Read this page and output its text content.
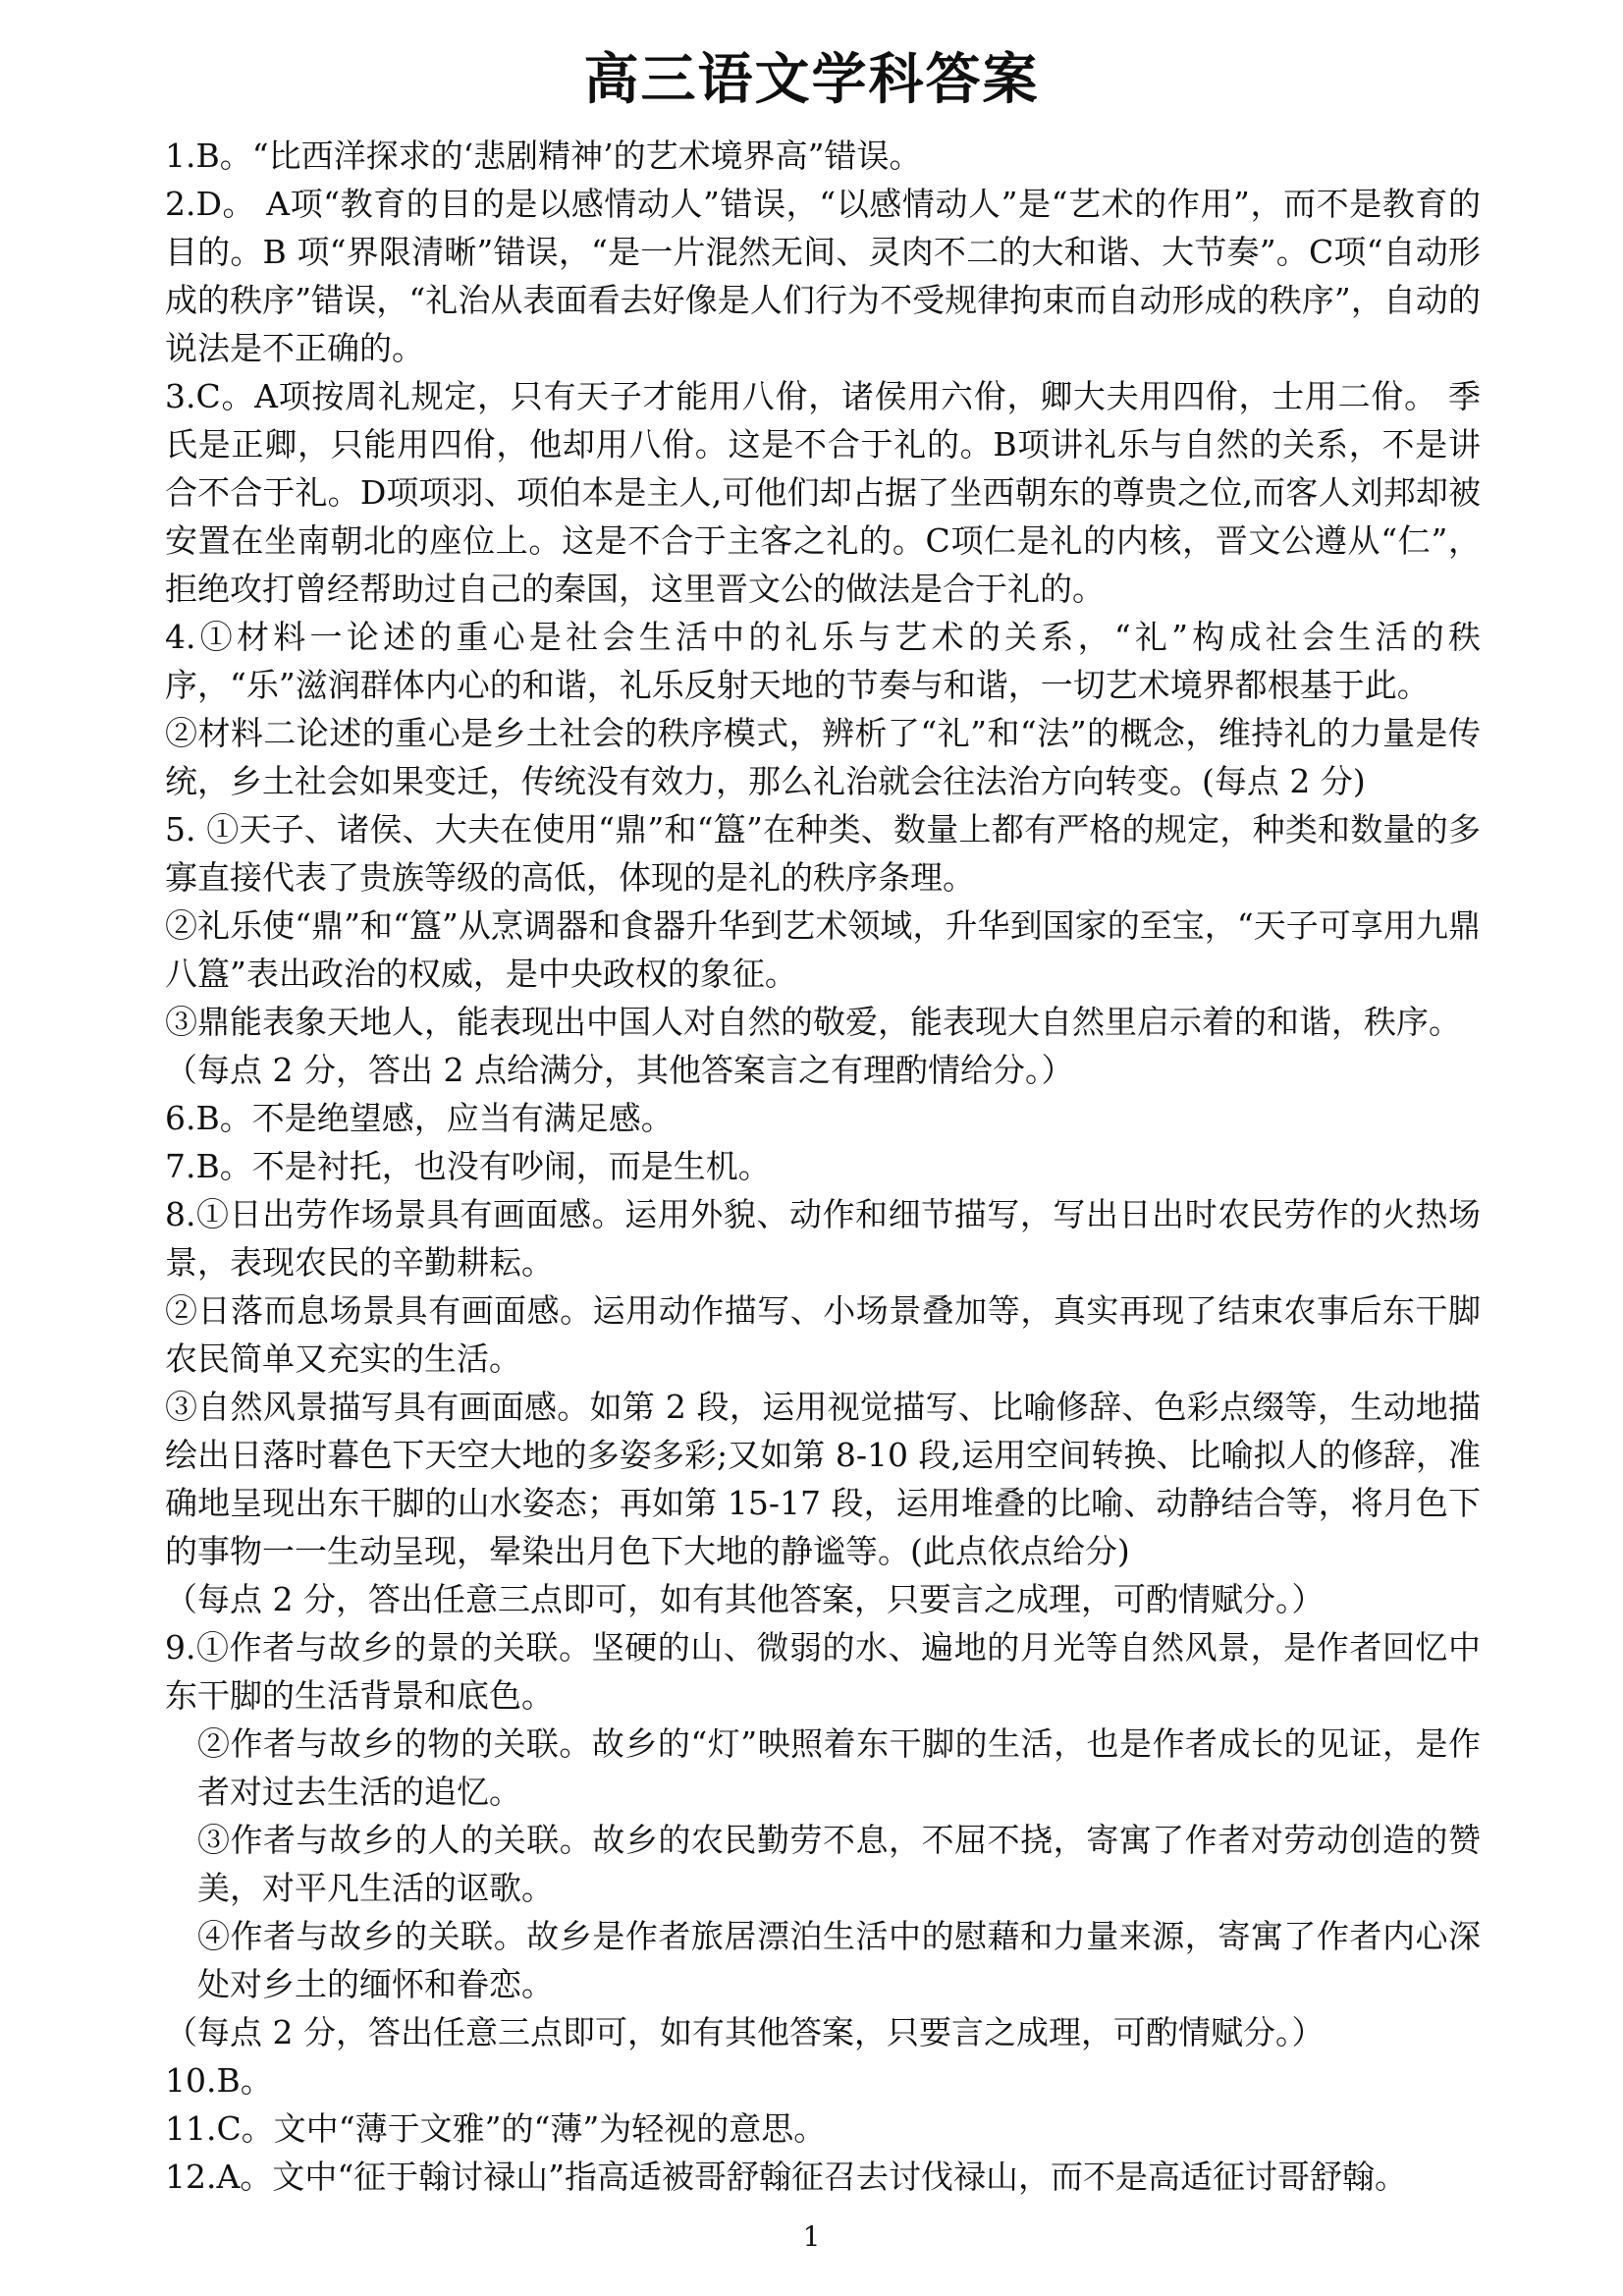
高三语文学科答案

1.B。“比西洋探求的‘悲剧精神’的艺术境界高”错误。

2.D。 A项“教育的目的是以感情动人”错误，“以感情动人”是“艺术的作用”，而不是教育的目的。B 项“界限清晰”错误，“是一片混然无间、灵肉不二的大和谐、大节奏”。C项“自动形成的秩序”错误，“礼治从表面看去好像是人们行为不受规律拘束而自动形成的秩序”，自动的说法是不正确的。

3.C。A项按周礼规定，只有天子才能用八佾，诸侯用六佾，卿大夫用四佾，士用二佾。 季氏是正卿，只能用四佾，他却用八佾。这是不合于礼的。B项讲礼乐与自然的关系，不是讲合不合于礼。D项项羽、项伯本是主人,可他们却占据了坐西朝东的尊贵之位,而客人刘邦却被安置在坐南朝北的座位上。这是不合于主客之礼的。C项仁是礼的内核，晋文公遵从“仁”，拒绝攻打曾经帮助过自己的秦国，这里晋文公的做法是合于礼的。

4.①材料一论述的重心是社会生活中的礼乐与艺术的关系，“礼”构成社会生活的秩序，“乐”滋润群体内心的和谐，礼乐反射天地的节奏与和谐，一切艺术境界都根基于此。

②材料二论述的重心是乡土社会的秩序模式，辨析了“礼”和“法”的概念，维持礼的力量是传统，乡土社会如果变迁，传统没有效力，那么礼治就会往法治方向转变。(每点 2 分)

5. ①天子、诸侯、大夫在使用“鼎”和“簋”在种类、数量上都有严格的规定，种类和数量的多寡直接代表了贵族等级的高低，体现的是礼的秩序条理。

②礼乐使“鼎”和“簋”从烹调器和食器升华到艺术领域，升华到国家的至宝，“天子可享用九鼎八簋”表出政治的权威，是中央政权的象征。

③鼎能表象天地人，能表现出中国人对自然的敬爱，能表现大自然里启示着的和谐，秩序。

（每点 2 分，答出 2 点给满分，其他答案言之有理酌情给分。）

6.B。不是绝望感，应当有满足感。

7.B。不是衬托，也没有吵闹，而是生机。

8.①日出劳作场景具有画面感。运用外貌、动作和细节描写，写出日出时农民劳作的火热场景，表现农民的辛勤耕耘。

②日落而息场景具有画面感。运用动作描写、小场景叠加等，真实再现了结束农事后东干脚农民简单又充实的生活。

③自然风景描写具有画面感。如第 2 段，运用视觉描写、比喻修辞、色彩点缀等，生动地描绘出日落时暮色下天空大地的多姿多彩;又如第 8-10 段,运用空间转换、比喻拟人的修辞，准确地呈现出东干脚的山水姿态；再如第 15-17 段，运用堆叠的比喻、动静结合等，将月色下的事物一一生动呈现，晕染出月色下大地的静谧等。(此点依点给分)

（每点 2 分，答出任意三点即可，如有其他答案，只要言之成理，可酌情赋分。）

9.①作者与故乡的景的关联。坚硬的山、微弱的水、遍地的月光等自然风景，是作者回忆中东干脚的生活背景和底色。

②作者与故乡的物的关联。故乡的“灯”映照着东干脚的生活，也是作者成长的见证，是作者对过去生活的追忆。

③作者与故乡的人的关联。故乡的农民勤劳不息，不屈不挠，寄寓了作者对劳动创造的赞美，对平凡生活的讴歌。

④作者与故乡的关联。故乡是作者旅居漂泊生活中的慰藉和力量来源，寄寓了作者内心深处对乡土的缅怀和眷恋。

（每点 2 分，答出任意三点即可，如有其他答案，只要言之成理，可酌情赋分。）

10.B。

11.C。文中“薄于文雅”的“薄”为轻视的意思。

12.A。文中“征于翰讨禄山”指高适被哥舒翰征召去讨伐禄山，而不是高适征讨哥舒翰。

1
